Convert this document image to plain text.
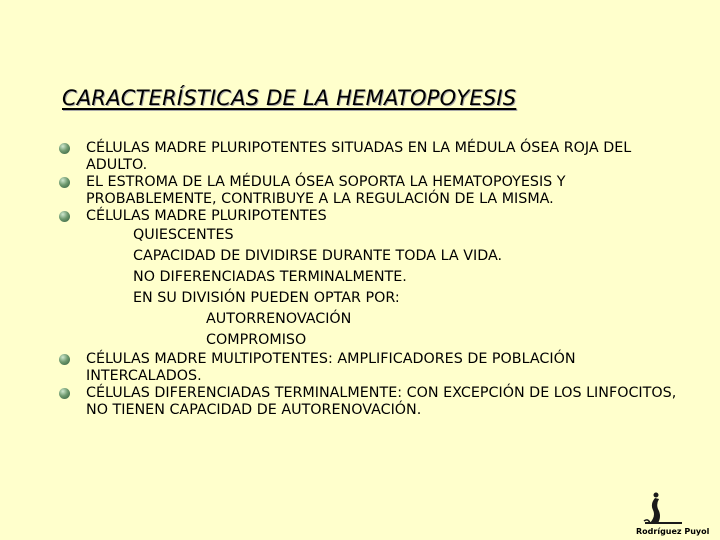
CARACTERÍSTICAS DE LA HEMATOPOYESIS
CÉLULAS MADRE PLURIPOTENTES SITUADAS EN LA MÉDULA ÓSEA ROJA DEL ADULTO.
EL ESTROMA DE LA MÉDULA ÓSEA SOPORTA LA HEMATOPOYESIS Y PROBABLEMENTE, CONTRIBUYE A LA REGULACIÓN DE LA MISMA.
CÉLULAS MADRE PLURIPOTENTES
QUIESCENTES
CAPACIDAD DE DIVIDIRSE DURANTE TODA LA VIDA.
NO DIFERENCIADAS TERMINALMENTE.
EN SU DIVISIÓN PUEDEN OPTAR POR:
AUTORRENOVACIÓN
COMPROMISO
CÉLULAS MADRE MULTIPOTENTES: AMPLIFICADORES DE POBLACIÓN INTERCALADOS.
CÉLULAS DIFERENCIADAS TERMINALMENTE: CON EXCEPCIÓN DE LOS LINFOCITOS, NO TIENEN CAPACIDAD DE AUTORENOVACIÓN.
Rodríguez Puyol
